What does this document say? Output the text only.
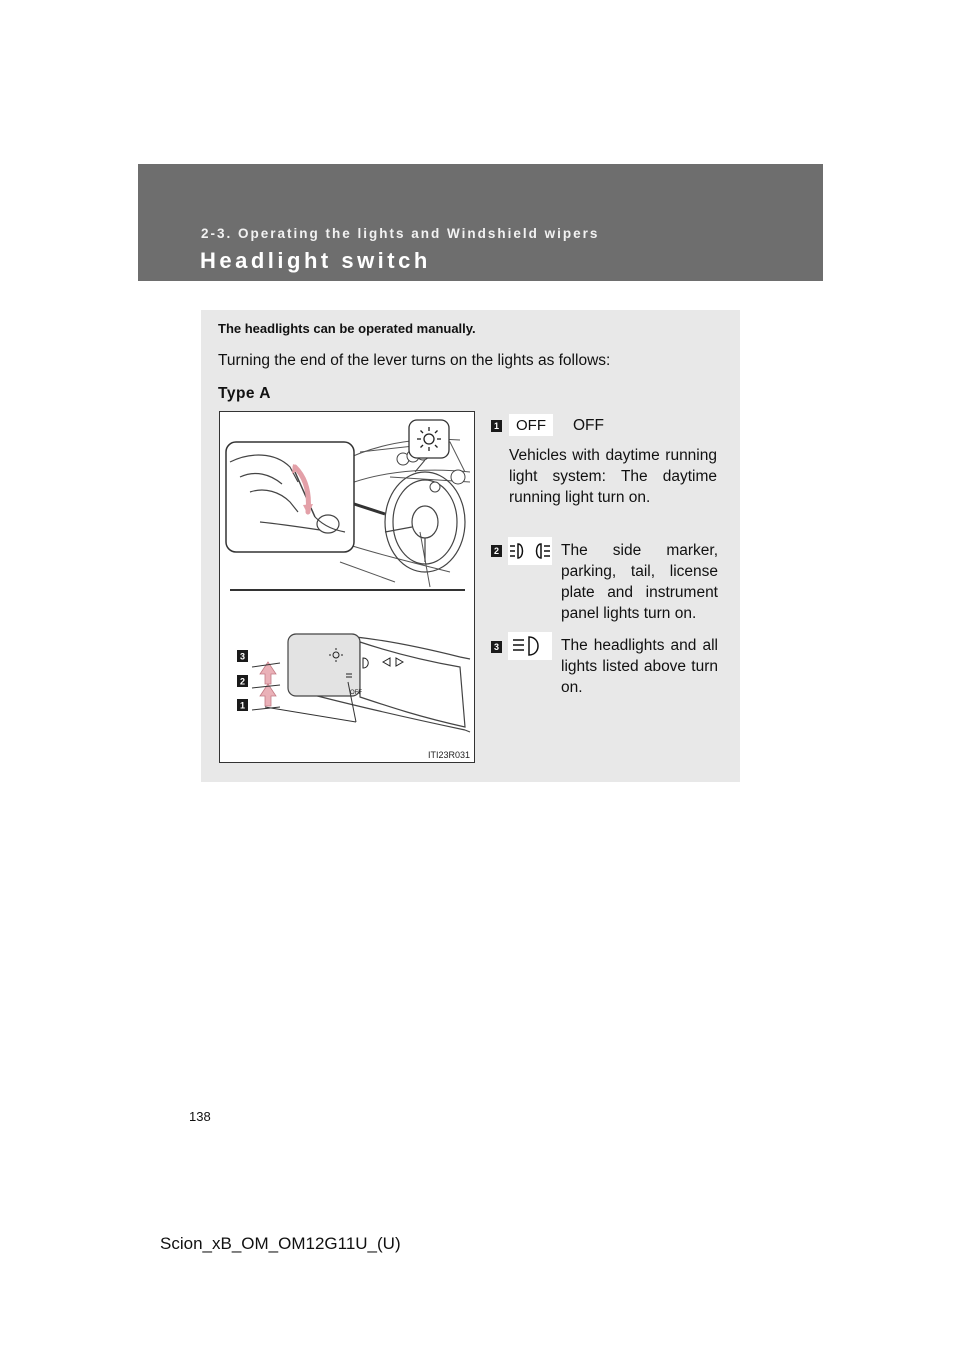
2-3. Operating the lights and Windshield wipers
Headlight switch
The headlights can be operated manually.
Turning the end of the lever turns on the lights as follows:
Type A
OFF
3
2
1
ITI23R031
1	OFF	OFF
Vehicles with daytime running light system: The daytime running light turn on.
2	The side marker, parking, tail, license plate and instrument panel lights turn on.
3	The headlights and all lights listed above turn on.
138
Scion_xB_OM_OM12G11U_(U)
